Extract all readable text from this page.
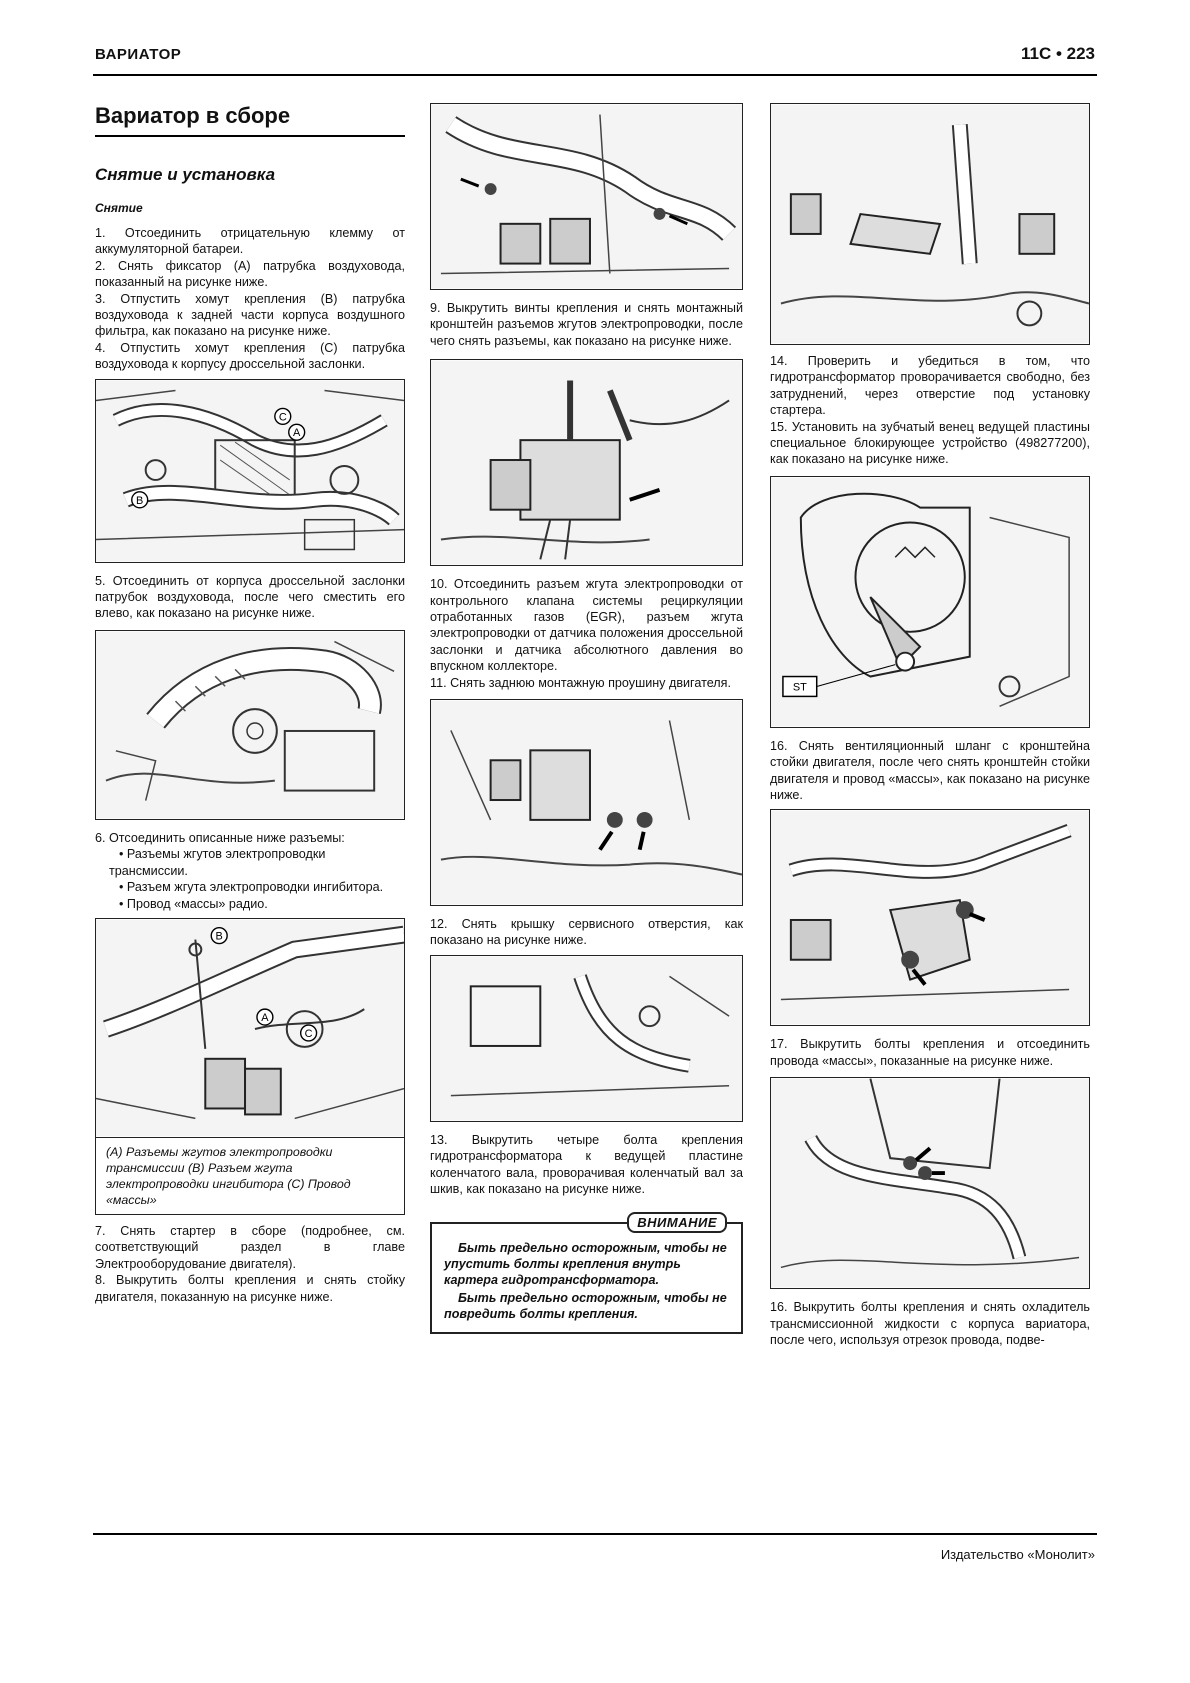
ВАРИАТОР	11C • 223
Вариатор в сборе
Снятие и установка
Снятие

1. Отсоединить отрицательную клемму от аккумуляторной батареи.

2. Снять фиксатор (A) патрубка воздуховода, показанный на рисунке ниже.

3. Отпустить хомут крепления (B) патрубка воздуховода к задней части корпуса воздушного фильтра, как показано на рисунке ниже.

4. Отпустить хомут крепления (C) патрубка воздуховода к корпусу дроссельной заслонки.

C
A
B

5. Отсоединить от корпуса дроссельной заслонки патрубок воздуховода, после чего сместить его влево, как показано на рисунке ниже.

6. Отсоединить описанные ниже разъемы:

• Разъемы жгутов электропроводки трансмиссии.

• Разъем жгута электропроводки ингибитора.

• Провод «массы» радио.

B
A
C
(A) Разъемы жгутов электропроводки трансмиссии (B) Разъем жгута электропроводки ингибитора (C) Провод «массы»

7. Снять стартер в сборе (подробнее, см. соответствующий раздел в главе Электрооборудование двигателя).

8. Выкрутить болты крепления и снять стойку двигателя, показанную на рисунке ниже.

9. Выкрутить винты крепления и снять монтажный кронштейн разъемов жгутов электропроводки, после чего снять разъемы, как показано на рисунке ниже.

10. Отсоединить разъем жгута электропроводки от контрольного клапана системы рециркуляции отработанных газов (EGR), разъем жгута электропроводки от датчика положения дроссельной заслонки и датчика абсолютного давления во впускном коллекторе.

11. Снять заднюю монтажную проушину двигателя.

12. Снять крышку сервисного отверстия, как показано на рисунке ниже.

13. Выкрутить четыре болта крепления гидротрансформатора к ведущей пластине коленчатого вала, проворачивая коленчатый вал за шкив, как показано на рисунке ниже.

ВНИМАНИЕ

Быть предельно осторожным, чтобы не упустить болты крепления внутрь картера гидротрансформатора.

Быть предельно осторожным, чтобы не повредить болты крепления.

14. Проверить и убедиться в том, что гидротрансформатор проворачивается свободно, без затруднений, через отверстие под установку стартера.

15. Установить на зубчатый венец ведущей пластины специальное блокирующее устройство (498277200), как показано на рисунке ниже.

ST

16. Снять вентиляционный шланг с кронштейна стойки двигателя, после чего снять кронштейн стойки двигателя и провод «массы», как показано на рисунке ниже.

17. Выкрутить болты крепления и отсоединить провода «массы», показанные на рисунке ниже.

16. Выкрутить болты крепления и снять охладитель трансмиссионной жидкости с корпуса вариатора, после чего, используя отрезок провода, подве-

Издательство «Монолит»
